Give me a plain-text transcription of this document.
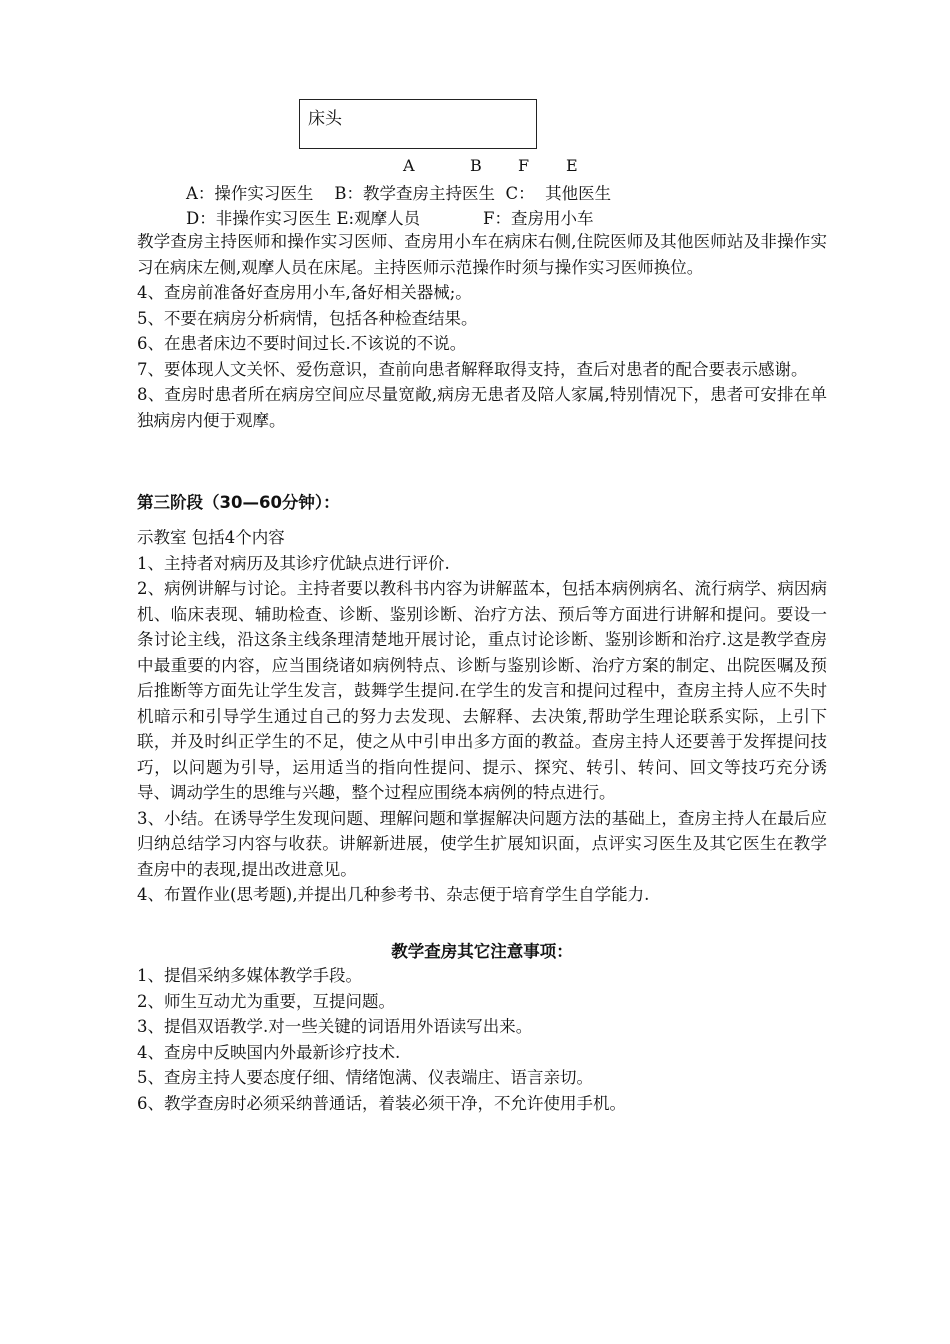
床头
A	B F E
A：操作实习医生    B：教学查房主持医生  C：  其他医生
D：非操作实习医生 E:观摩人员            F：查房用小车

教学查房主持医师和操作实习医师、查房用小车在病床右侧,住院医师及其他医师站及非操作实习在病床左侧,观摩人员在床尾。主持医师示范操作时须与操作实习医师换位。

4、查房前准备好查房用小车,备好相关器械;。

5、不要在病房分析病情，包括各种检查结果。

6、在患者床边不要时间过长.不该说的不说。

7、要体现人文关怀、爱伤意识，查前向患者解释取得支持，查后对患者的配合要表示感谢。

8、查房时患者所在病房空间应尽量宽敞,病房无患者及陪人家属,特别情况下，患者可安排在单独病房内便于观摩。

第三阶段（30—60分钟）：

示教室 包括4个内容

1、主持者对病历及其诊疗优缺点进行评价.

2、病例讲解与讨论。主持者要以教科书内容为讲解蓝本，包括本病例病名、流行病学、病因病机、临床表现、辅助检查、诊断、鉴别诊断、治疗方法、预后等方面进行讲解和提问。要设一条讨论主线，沿这条主线条理清楚地开展讨论，重点讨论诊断、鉴别诊断和治疗.这是教学查房中最重要的内容，应当围绕诸如病例特点、诊断与鉴别诊断、治疗方案的制定、出院医嘱及预后推断等方面先让学生发言，鼓舞学生提问.在学生的发言和提问过程中，查房主持人应不失时机暗示和引导学生通过自己的努力去发现、去解释、去决策,帮助学生理论联系实际，上引下联，并及时纠正学生的不足，使之从中引申出多方面的教益。查房主持人还要善于发挥提问技巧，以问题为引导，运用适当的指向性提问、提示、探究、转引、转问、回文等技巧充分诱导、调动学生的思维与兴趣，整个过程应围绕本病例的特点进行。

3、小结。在诱导学生发现问题、理解问题和掌握解决问题方法的基础上，查房主持人在最后应归纳总结学习内容与收获。讲解新进展，使学生扩展知识面，点评实习医生及其它医生在教学查房中的表现,提出改进意见。

4、布置作业(思考题),并提出几种参考书、杂志便于培育学生自学能力.

教学查房其它注意事项：

1、提倡采纳多媒体教学手段。

2、师生互动尤为重要，互提问题。

3、提倡双语教学.对一些关键的词语用外语读写出来。

4、查房中反映国内外最新诊疗技术.

5、查房主持人要态度仔细、情绪饱满、仪表端庄、语言亲切。

6、教学查房时必须采纳普通话，着装必须干净，不允许使用手机。
